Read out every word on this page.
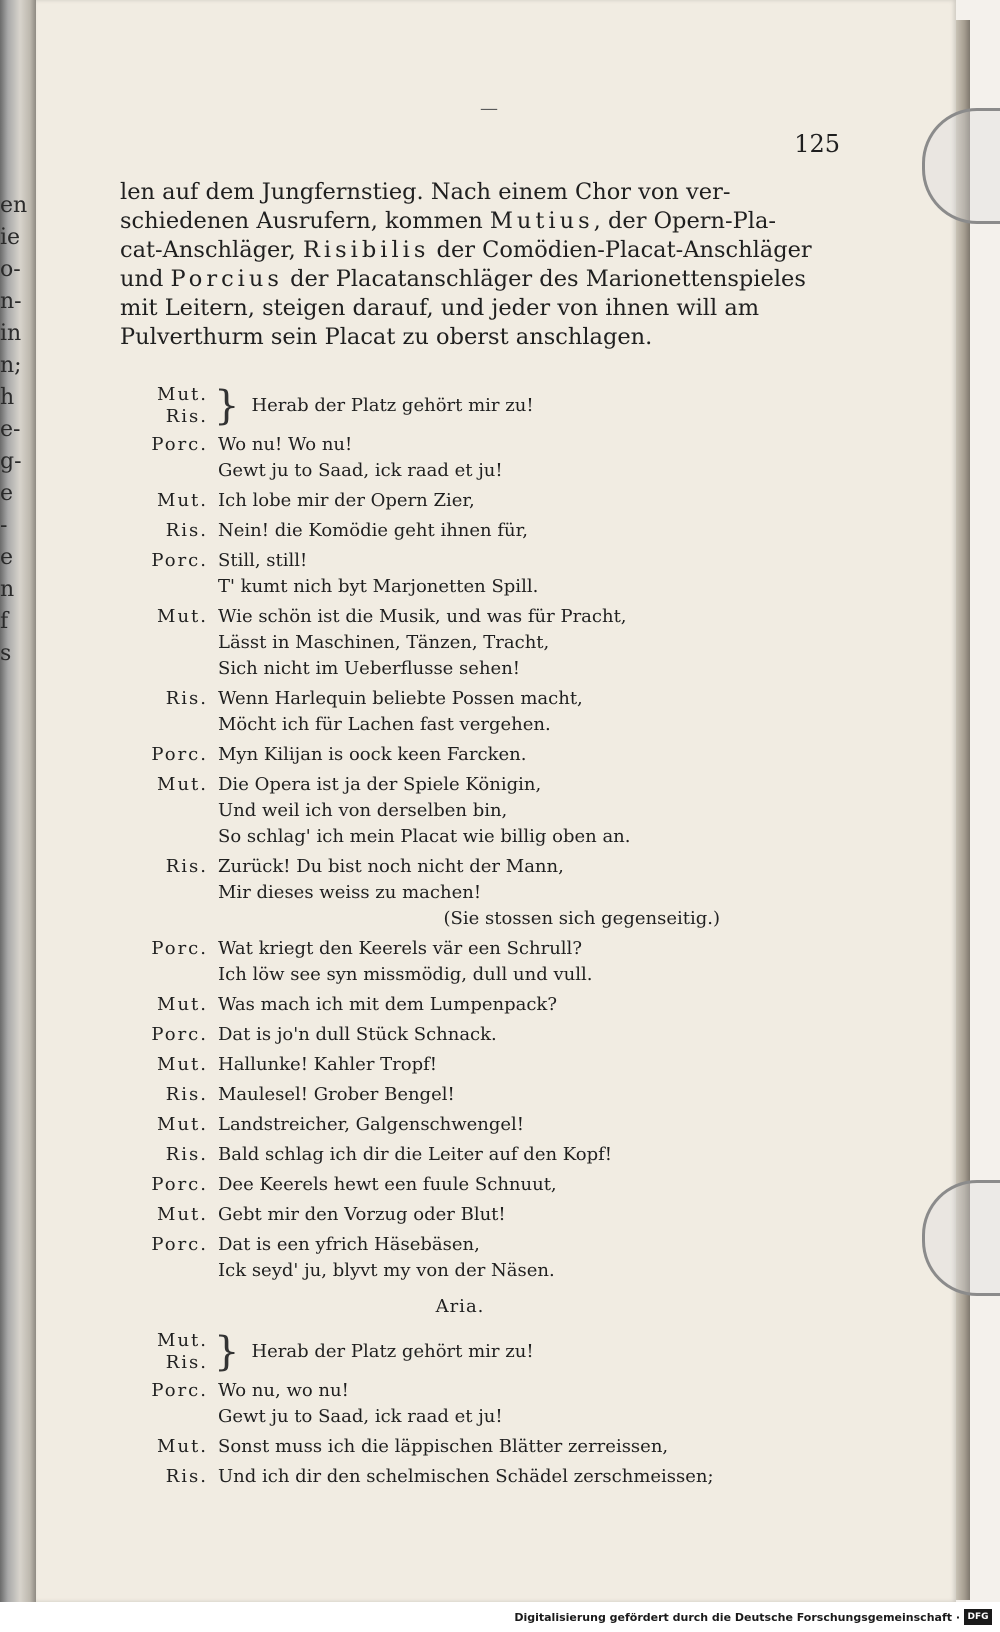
en
ie
o-
n-
in
n;
h
e-
g-
e
-
e
n
f
s
—
125

len auf dem Jungfernstieg. Nach einem Chor von ver-

schiedenen Ausrufern, kommen Mutius, der Opern-Pla-

cat-Anschläger, Risibilis der Comödien-Placat-Anschläger

und Porcius der Placatanschläger des Marionettenspieles

mit Leitern, steigen darauf, und jeder von ihnen will am

Pulverthurm sein Placat zu oberst anschlagen.

Mut.
Ris. } Herab der Platz gehört mir zu!
Porc. Wo nu! Wo nu!
Gewt ju to Saad, ick raad et ju!
Mut. Ich lobe mir der Opern Zier,
Ris. Nein! die Komödie geht ihnen für,
Porc. Still, still!
T' kumt nich byt Marjonetten Spill.
Mut. Wie schön ist die Musik, und was für Pracht,
Lässt in Maschinen, Tänzen, Tracht,
Sich nicht im Ueberflusse sehen!
Ris. Wenn Harlequin beliebte Possen macht,
Möcht ich für Lachen fast vergehen.
Porc. Myn Kilijan is oock keen Farcken.
Mut. Die Opera ist ja der Spiele Königin,
Und weil ich von derselben bin,
So schlag' ich mein Placat wie billig oben an.
Ris. Zurück! Du bist noch nicht der Mann,
Mir dieses weiss zu machen!
(Sie stossen sich gegenseitig.)
Porc. Wat kriegt den Keerels vär een Schrull?
Ich löw see syn missmödig, dull und vull.
Mut. Was mach ich mit dem Lumpenpack?
Porc. Dat is jo'n dull Stück Schnack.
Mut. Hallunke! Kahler Tropf!
Ris. Maulesel! Grober Bengel!
Mut. Landstreicher, Galgenschwengel!
Ris. Bald schlag ich dir die Leiter auf den Kopf!
Porc. Dee Keerels hewt een fuule Schnuut,
Mut. Gebt mir den Vorzug oder Blut!
Porc. Dat is een yfrich Häsebäsen,
Ick seyd' ju, blyvt my von der Näsen.
Aria.
Mut.
Ris. } Herab der Platz gehört mir zu!
Porc. Wo nu, wo nu!
Gewt ju to Saad, ick raad et ju!
Mut. Sonst muss ich die läppischen Blätter zerreissen,
Ris. Und ich dir den schelmischen Schädel zerschmeissen;
Digitalisierung gefördert durch die Deutsche Forschungsgemeinschaft · DFG
